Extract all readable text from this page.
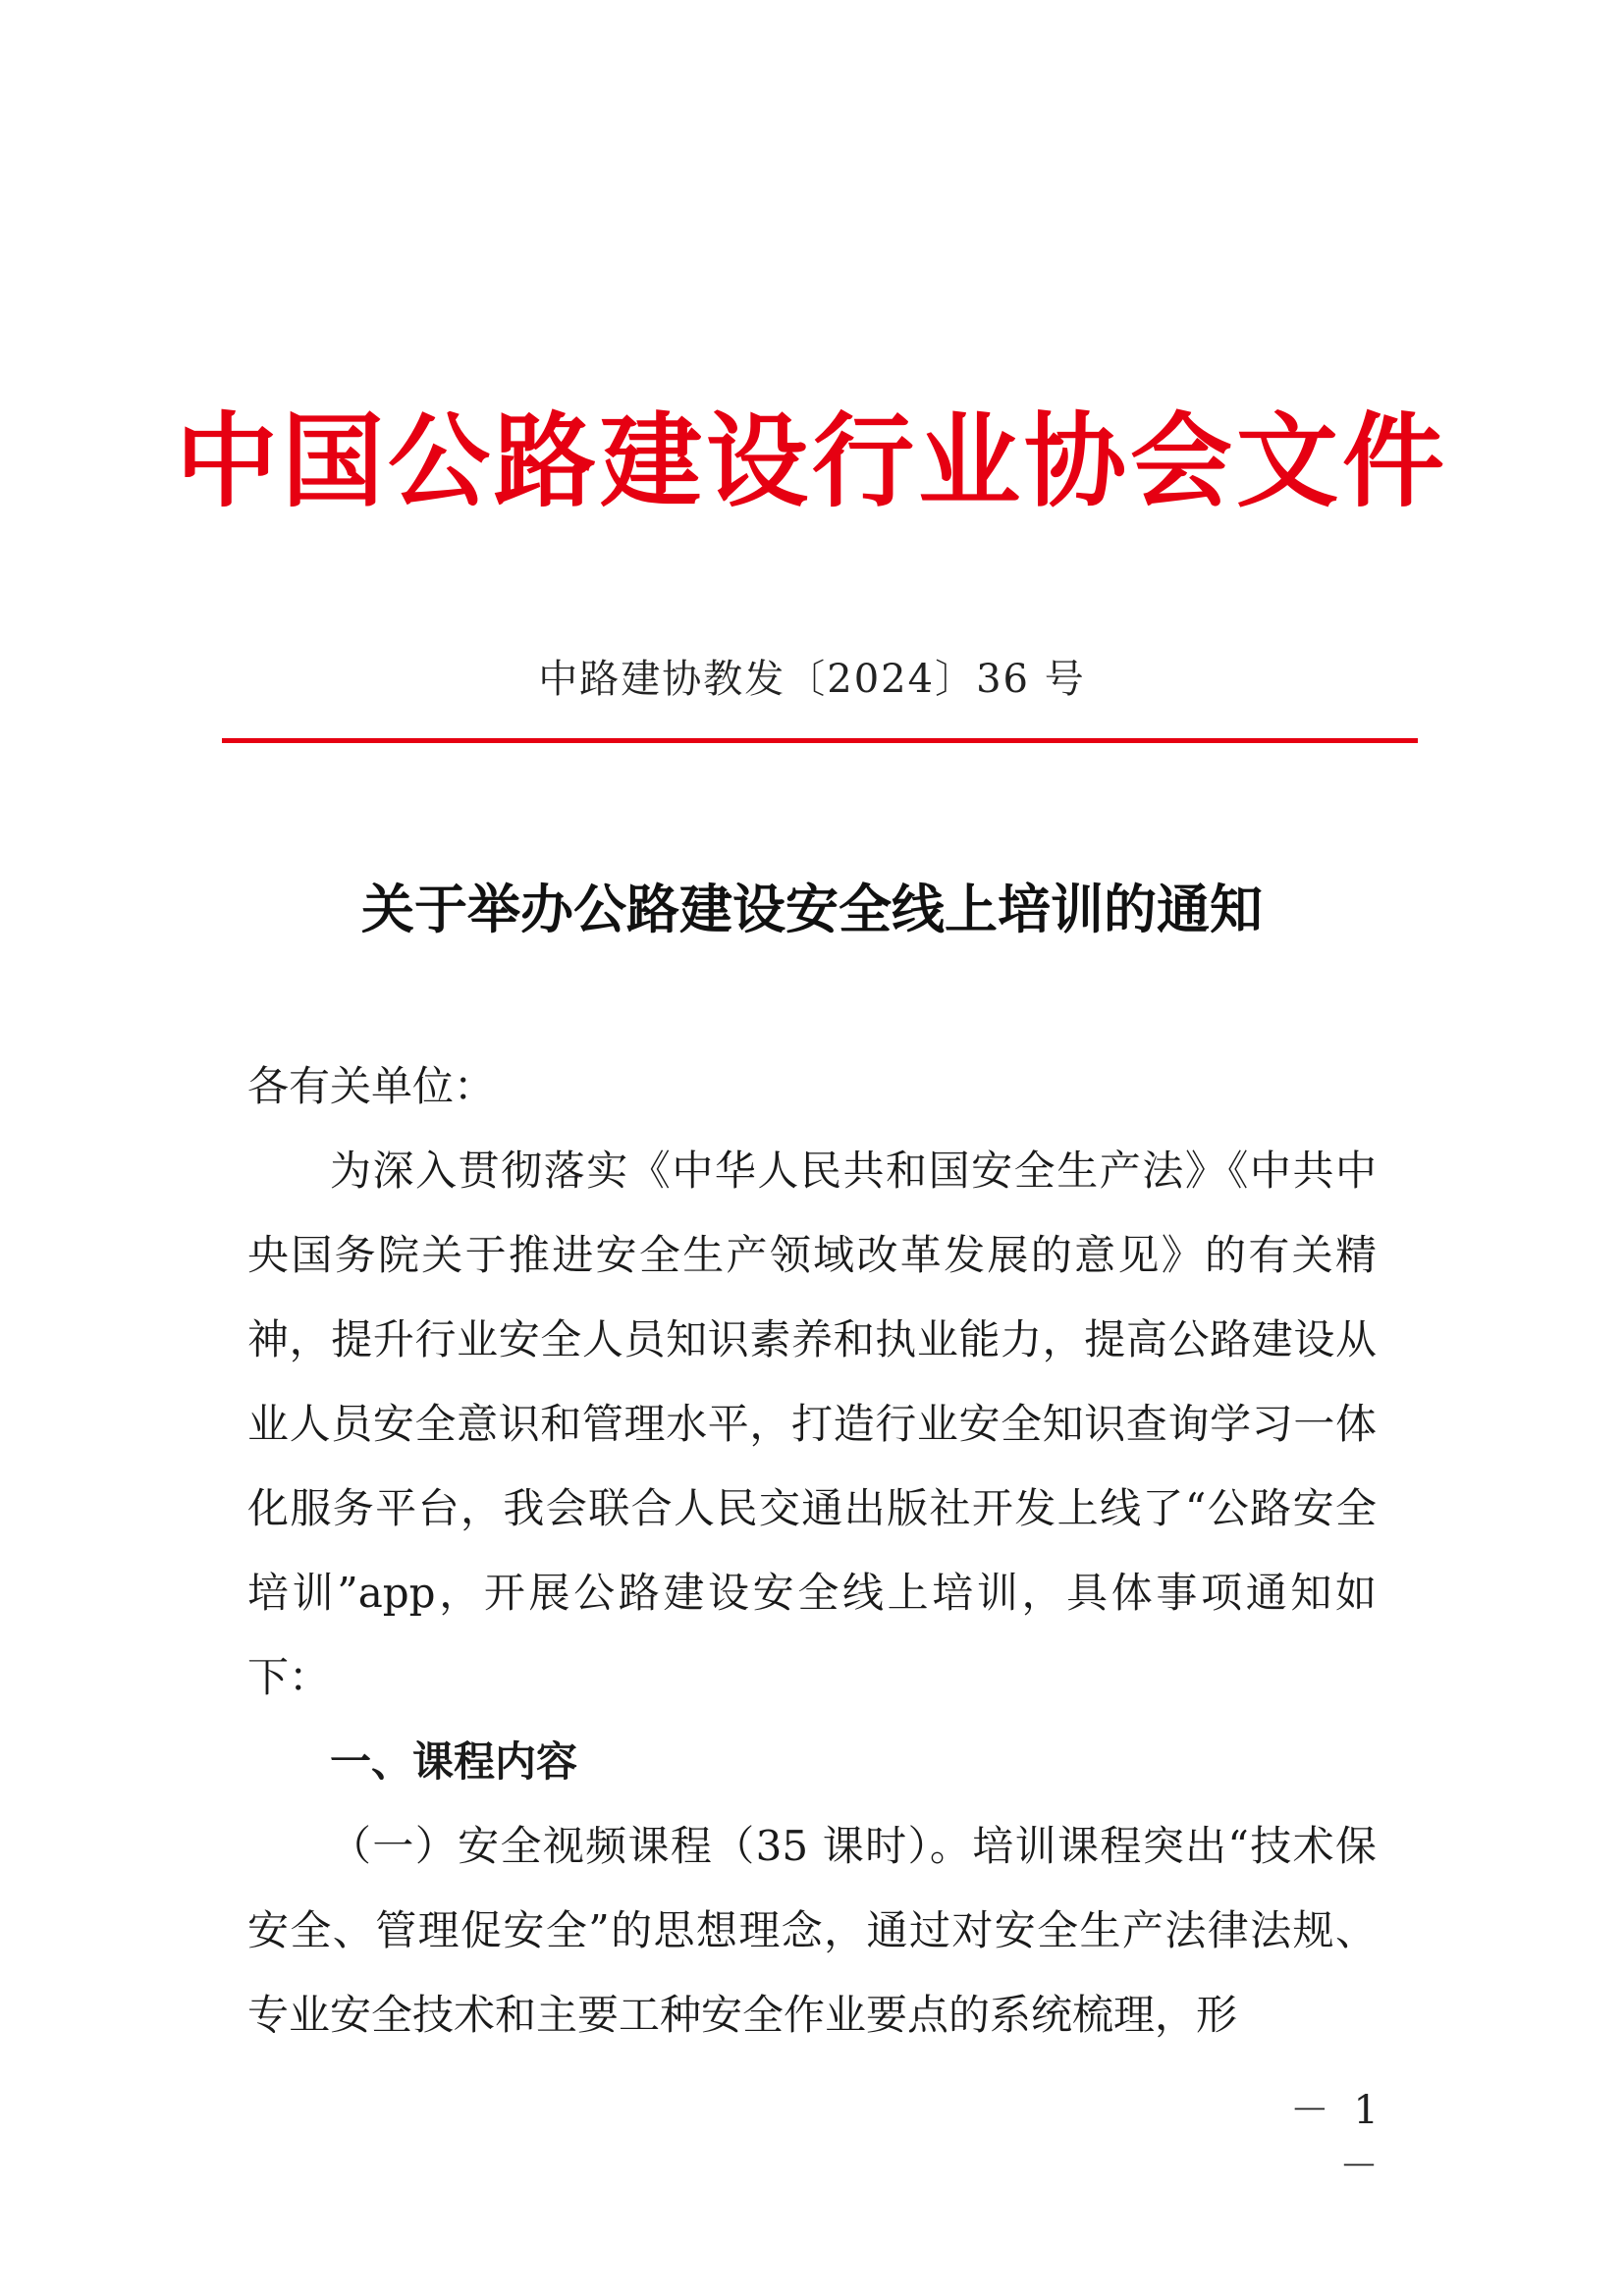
中国公路建设行业协会文件
中路建协教发〔2024〕36 号
关于举办公路建设安全线上培训的通知

各有关单位：

为深入贯彻落实《中华人民共和国安全生产法》《中共中央国务院关于推进安全生产领域改革发展的意见》的有关精神，提升行业安全人员知识素养和执业能力，提高公路建设从业人员安全意识和管理水平，打造行业安全知识查询学习一体化服务平台，我会联合人民交通出版社开发上线了“公路安全培训”app，开展公路建设安全线上培训，具体事项通知如下：

一、课程内容

（一）安全视频课程（35 课时）。培训课程突出“技术保安全、管理促安全”的思想理念，通过对安全生产法律法规、专业安全技术和主要工种安全作业要点的系统梳理，形

－ 1 －
